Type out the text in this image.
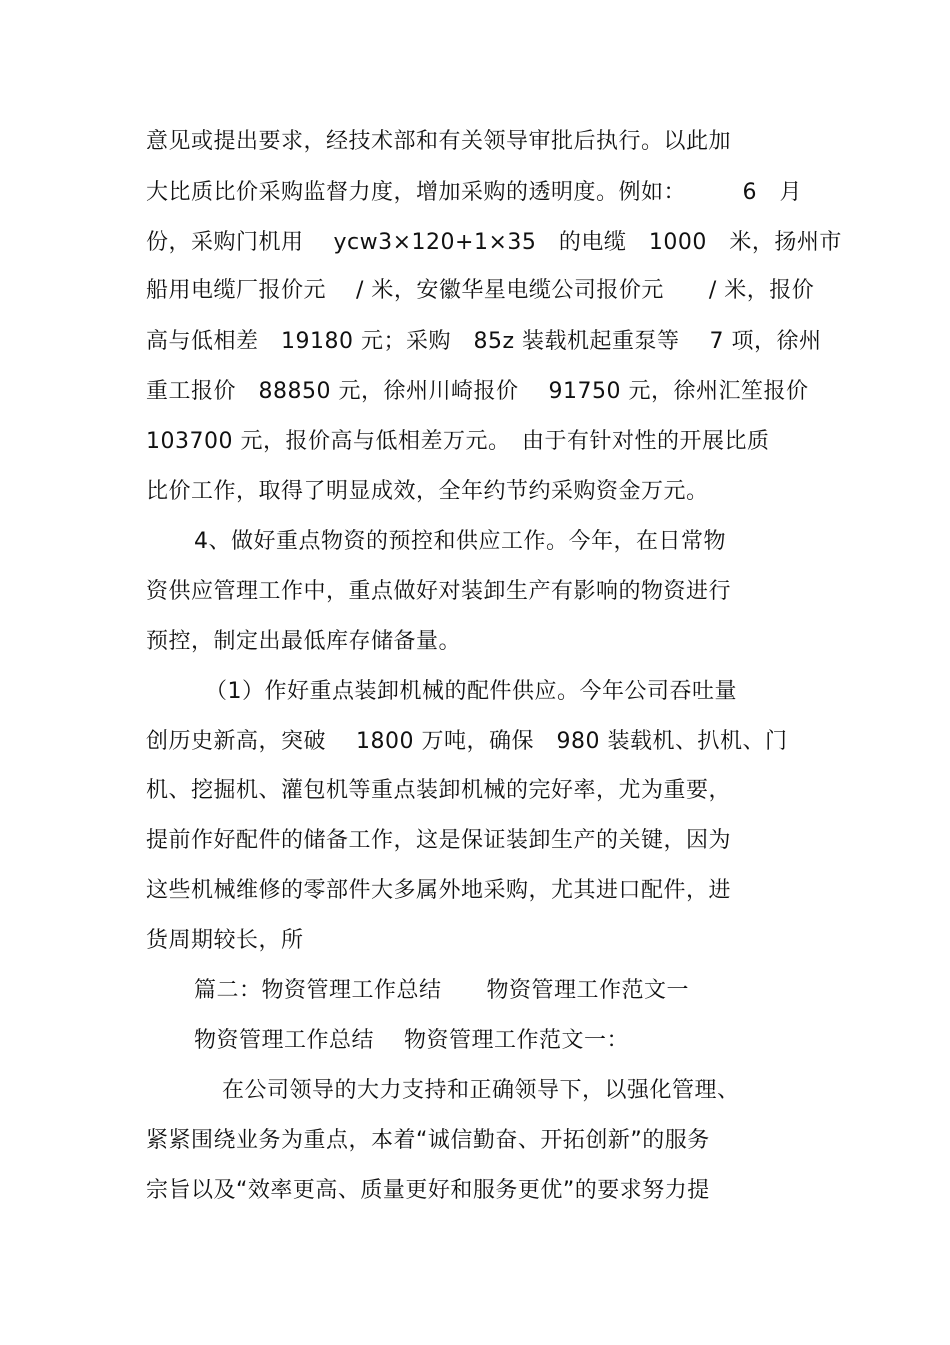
意见或提出要求，经技术部和有关领导审批后执行。以此加
大比质比价采购监督力度，增加采购的透明度。例如：　　　6　月
份，采购门机用　 ycw3×120+1×35　的电缆　1000　米，扬州市
船用电缆厂报价元　 / 米，安徽华星电缆公司报价元　　/ 米，报价
高与低相差　19180 元；采购　85z 装载机起重泵等　 7 项，徐州
重工报价　88850 元，徐州川崎报价　 91750 元，徐州汇笙报价
103700 元，报价高与低相差万元。　由于有针对性的开展比质
比价工作，取得了明显成效，全年约节约采购资金万元。
4、做好重点物资的预控和供应工作。今年，在日常物
资供应管理工作中，重点做好对装卸生产有影响的物资进行
预控，制定出最低库存储备量。
（1）作好重点装卸机械的配件供应。今年公司吞吐量
创历史新高，突破　 1800 万吨，确保　980 装载机、扒机、门
机、挖掘机、灌包机等重点装卸机械的完好率，尤为重要，
提前作好配件的储备工作，这是保证装卸生产的关键，因为
这些机械维修的零部件大多属外地采购，尤其进口配件，进
货周期较长，所
篇二：物资管理工作总结　　物资管理工作范文一
物资管理工作总结　 物资管理工作范文一：
在公司领导的大力支持和正确领导下，以强化管理、
紧紧围绕业务为重点，本着“诚信勤奋、开拓创新”的服务
宗旨以及“效率更高、质量更好和服务更优”的要求努力提
